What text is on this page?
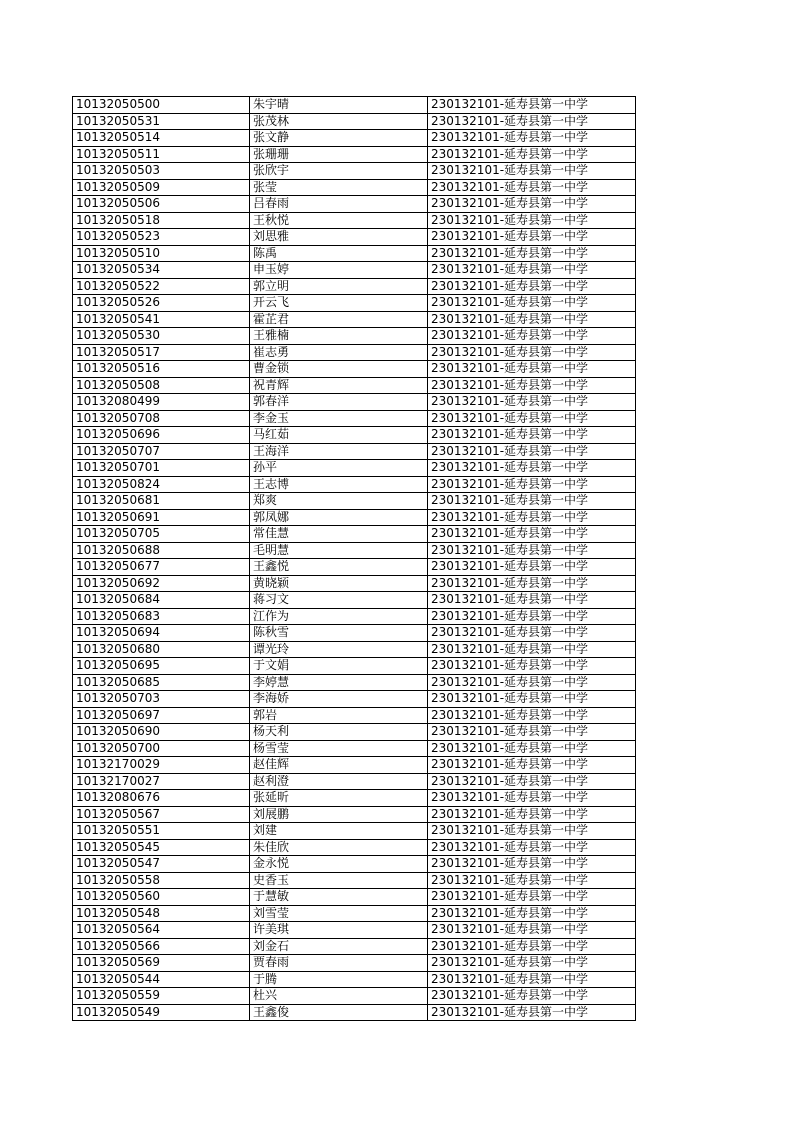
10132050500	朱宇晴	230132101-延寿县第一中学
10132050531	张茂林	230132101-延寿县第一中学
10132050514	张文静	230132101-延寿县第一中学
10132050511	张珊珊	230132101-延寿县第一中学
10132050503	张欣宇	230132101-延寿县第一中学
10132050509	张莹	230132101-延寿县第一中学
10132050506	吕春雨	230132101-延寿县第一中学
10132050518	王秋悦	230132101-延寿县第一中学
10132050523	刘思雅	230132101-延寿县第一中学
10132050510	陈禹	230132101-延寿县第一中学
10132050534	申玉婷	230132101-延寿县第一中学
10132050522	郭立明	230132101-延寿县第一中学
10132050526	开云飞	230132101-延寿县第一中学
10132050541	霍芷君	230132101-延寿县第一中学
10132050530	王雅楠	230132101-延寿县第一中学
10132050517	崔志勇	230132101-延寿县第一中学
10132050516	曹金锁	230132101-延寿县第一中学
10132050508	祝青辉	230132101-延寿县第一中学
10132080499	郭春洋	230132101-延寿县第一中学
10132050708	李金玉	230132101-延寿县第一中学
10132050696	马红茹	230132101-延寿县第一中学
10132050707	王海洋	230132101-延寿县第一中学
10132050701	孙平	230132101-延寿县第一中学
10132050824	王志博	230132101-延寿县第一中学
10132050681	郑爽	230132101-延寿县第一中学
10132050691	郭凤娜	230132101-延寿县第一中学
10132050705	常佳慧	230132101-延寿县第一中学
10132050688	毛明慧	230132101-延寿县第一中学
10132050677	王鑫悦	230132101-延寿县第一中学
10132050692	黄晓颖	230132101-延寿县第一中学
10132050684	蒋习文	230132101-延寿县第一中学
10132050683	江作为	230132101-延寿县第一中学
10132050694	陈秋雪	230132101-延寿县第一中学
10132050680	谭光玲	230132101-延寿县第一中学
10132050695	于文娟	230132101-延寿县第一中学
10132050685	李婷慧	230132101-延寿县第一中学
10132050703	李海娇	230132101-延寿县第一中学
10132050697	郭岩	230132101-延寿县第一中学
10132050690	杨天利	230132101-延寿县第一中学
10132050700	杨雪莹	230132101-延寿县第一中学
10132170029	赵佳辉	230132101-延寿县第一中学
10132170027	赵利澄	230132101-延寿县第一中学
10132080676	张延昕	230132101-延寿县第一中学
10132050567	刘展鹏	230132101-延寿县第一中学
10132050551	刘建	230132101-延寿县第一中学
10132050545	朱佳欣	230132101-延寿县第一中学
10132050547	金永悦	230132101-延寿县第一中学
10132050558	史香玉	230132101-延寿县第一中学
10132050560	于慧敏	230132101-延寿县第一中学
10132050548	刘雪莹	230132101-延寿县第一中学
10132050564	许美琪	230132101-延寿县第一中学
10132050566	刘金石	230132101-延寿县第一中学
10132050569	贾春雨	230132101-延寿县第一中学
10132050544	于腾	230132101-延寿县第一中学
10132050559	杜兴	230132101-延寿县第一中学
10132050549	王鑫俊	230132101-延寿县第一中学
